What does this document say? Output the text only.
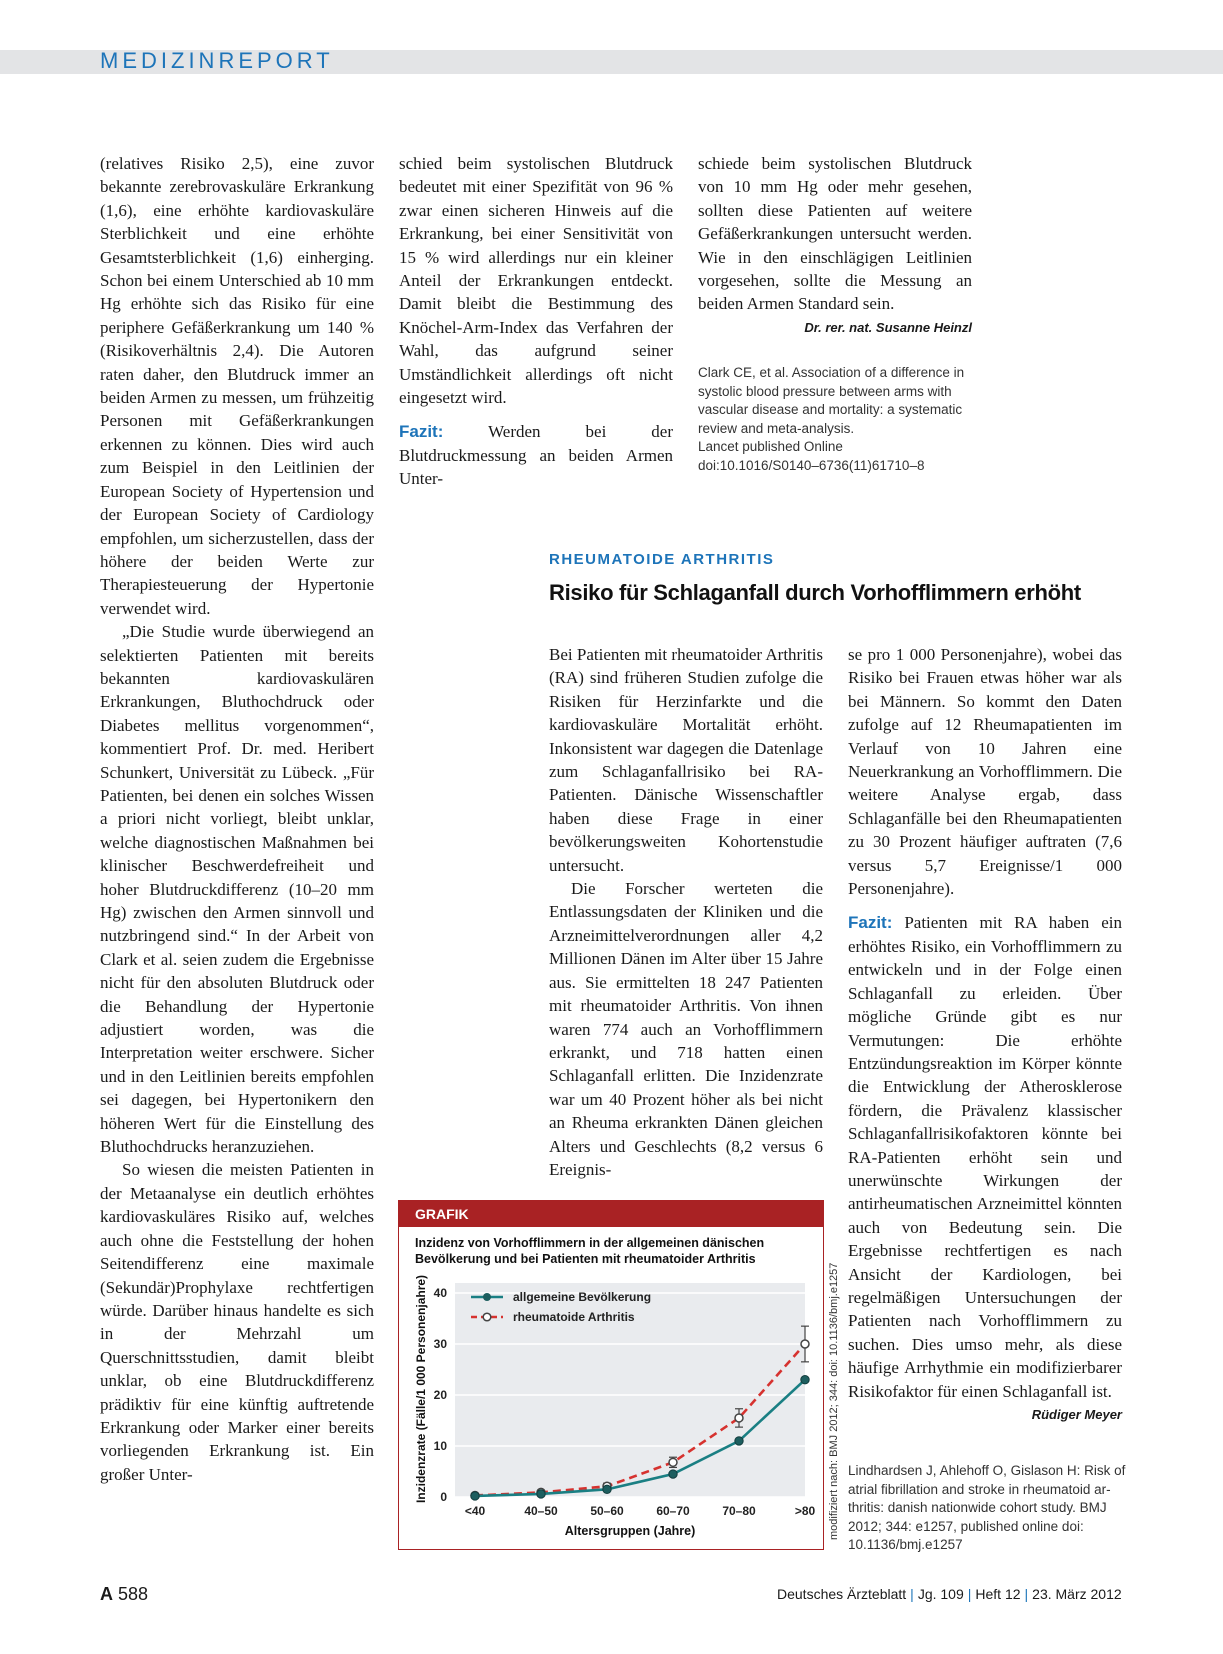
MEDIZINREPORT

(relatives Risiko 2,5), eine zuvor bekannte zerebrovaskuläre Erkrankung (1,6), eine erhöhte kardiovaskuläre Sterblichkeit und eine erhöhte Gesamtsterblichkeit (1,6) einherging. Schon bei einem Unterschied ab 10 mm Hg erhöhte sich das Risiko für eine periphere Gefäßerkrankung um 140 % (Risikoverhältnis 2,4). Die Autoren raten daher, den Blutdruck immer an beiden Armen zu messen, um frühzeitig Personen mit Gefäßerkrankungen erkennen zu können. Dies wird auch zum Beispiel in den Leitlinien der European Society of Hypertension und der European Society of Cardiology empfohlen, um sicherzustellen, dass der höhere der beiden Werte zur Therapiesteuerung der Hypertonie verwendet wird.

„Die Studie wurde überwiegend an selektierten Patienten mit bereits bekannten kardiovaskulären Erkrankungen, Bluthochdruck oder Diabetes mellitus vorgenommen“, kommentiert Prof. Dr. med. Heribert Schunkert, Universität zu Lübeck. „Für Patienten, bei denen ein solches Wissen a priori nicht vorliegt, bleibt unklar, welche diagnostischen Maßnahmen bei klinischer Beschwerdefreiheit und hoher Blutdruckdifferenz (10–20 mm Hg) zwischen den Armen sinnvoll und nutzbringend sind.“ In der Arbeit von Clark et al. seien zudem die Ergebnisse nicht für den absoluten Blutdruck oder die Behandlung der Hypertonie adjustiert worden, was die Interpretation weiter erschwere. Sicher und in den Leitlinien bereits empfohlen sei dagegen, bei Hypertonikern den höheren Wert für die Einstellung des Bluthochdrucks heranzuziehen.

So wiesen die meisten Patienten in der Metaanalyse ein deutlich erhöhtes kardiovaskuläres Risiko auf, welches auch ohne die Feststellung der hohen Seitendifferenz eine maximale (Sekundär)Prophylaxe rechtfertigen würde. Darüber hinaus handelte es sich in der Mehrzahl um Querschnittsstudien, damit bleibt unklar, ob eine Blutdruckdifferenz prädiktiv für eine künftig auftretende Erkrankung oder Marker einer bereits vorliegenden Erkrankung ist. Ein großer Unter-

schied beim systolischen Blutdruck bedeutet mit einer Spezifität von 96 % zwar einen sicheren Hinweis auf die Erkrankung, bei einer Sensitivität von 15 % wird allerdings nur ein kleiner Anteil der Erkrankungen entdeckt. Damit bleibt die Bestimmung des Knöchel-Arm-Index das Verfahren der Wahl, das aufgrund seiner Umständlichkeit allerdings oft nicht eingesetzt wird.

Fazit:	Werden bei der Blutdruckmessung an beiden Armen Unter-

schiede beim systolischen Blutdruck von 10 mm Hg oder mehr gesehen, sollten diese Patienten auf weitere Gefäßerkrankungen untersucht werden. Wie in den einschlägigen Leitlinien vorgesehen, sollte die Messung an beiden Armen Standard sein.
Dr. rer. nat. Susanne Heinzl

Clark CE, et al. Association of a difference in
systolic blood pressure between arms with
vascular disease and mortality: a systematic
review and meta-analysis.
Lancet published Online
doi:10.1016/S0140–6736(11)61710–8
RHEUMATOIDE ARTHRITIS
Risiko für Schlaganfall durch Vorhofflimmern erhöht

Bei Patienten mit rheumatoider Arthritis (RA) sind früheren Studien zufolge die Risiken für Herzinfarkte und die kardiovaskuläre Mortalität erhöht. Inkonsistent war dagegen die Datenlage zum Schlaganfallrisiko bei RA-Patienten. Dänische Wissenschaftler haben diese Frage in einer bevölkerungsweiten Kohortenstudie untersucht.

Die Forscher werteten die Entlassungsdaten der Kliniken und die Arzneimittelverordnungen aller 4,2 Millionen Dänen im Alter über 15 Jahre aus. Sie ermittelten 18 247 Patienten mit rheumatoider Arthritis. Von ihnen waren 774 auch an Vorhofflimmern erkrankt, und 718 hatten einen Schlaganfall erlitten. Die Inzidenzrate war um 40 Prozent höher als bei nicht an Rheuma erkrankten Dänen gleichen Alters und Geschlechts (8,2 versus 6 Ereignis-

se pro 1 000 Personenjahre), wobei das Risiko bei Frauen etwas höher war als bei Männern. So kommt den Daten zufolge auf 12 Rheumapatienten im Verlauf von 10 Jahren eine Neuerkrankung an Vorhofflimmern. Die weitere Analyse ergab, dass Schlaganfälle bei den Rheumapatienten zu 30 Prozent häufiger auftraten (7,6 versus 5,7 Ereignisse/1 000 Personenjahre).

Fazit: Patienten mit RA haben ein erhöhtes Risiko, ein Vorhofflimmern zu entwickeln und in der Folge einen Schlaganfall zu erleiden. Über mögliche Gründe gibt es nur Vermutungen: Die erhöhte Entzündungsreaktion im Körper könnte die Entwicklung der Atherosklerose fördern, die Prävalenz klassischer Schlaganfallrisikofaktoren könnte bei RA-Patienten erhöht sein und unerwünschte Wirkungen der antirheumatischen Arzneimittel könnten auch von Bedeutung sein. Die Ergebnisse rechtfertigen es nach Ansicht der Kardiologen, bei regelmäßigen Untersuchungen der Patienten nach Vorhofflimmern zu suchen. Dies umso mehr, als diese häufige Arrhythmie ein modifizierbarer Risikofaktor für einen Schlaganfall ist.

Rüdiger Meyer
Lindhardsen J, Ahlehoff O, Gislason H: Risk of
atrial fibrillation and stroke in rheumatoid ar-
thritis: danish nationwide cohort study. BMJ
2012; 344: e1257, published online doi:
10.1136/bmj.e1257
GRAFIK
Inzidenz von Vorhofflimmern in der allgemeinen dänischen Bevölkerung und bei Patienten mit rheumatoider Arthritis
0
10
20
30
40
<40	40–50	50–60	60–70	70–80	>80
Altersgruppen (Jahre)
Inzidenzrate (Fälle/1 000 Personenjahre)	allgemeine Bevölkerung
rheumatoide Arthritis	modifiziert nach: BMJ 2012; 344: doi: 10.1136/bmj.e1257
A 588	Deutsches Ärzteblatt | Jg. 109 | Heft 12 | 23. März 2012
